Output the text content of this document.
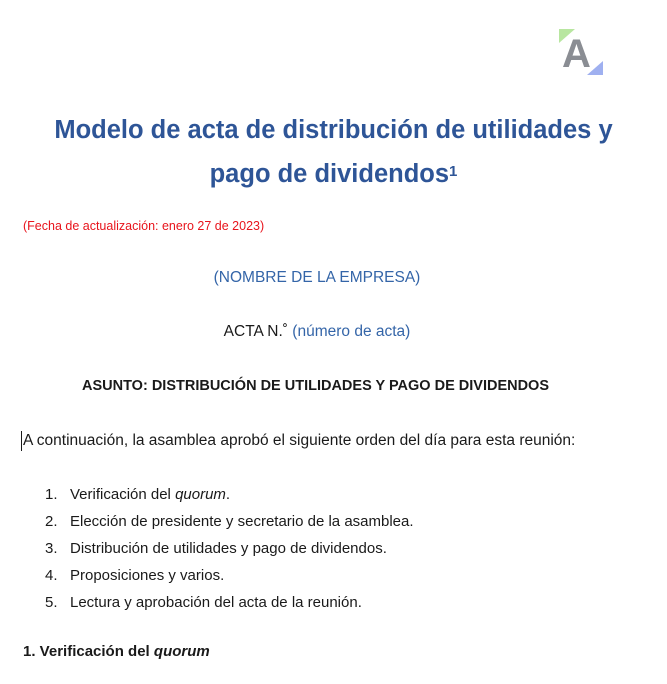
A
Modelo de acta de distribución de utilidades y
pago de dividendos$^1$
(Fecha de actualización: enero 27 de 2023)
(NOMBRE DE LA EMPRESA)
ACTA N.˚ (número de acta)
ASUNTO: DISTRIBUCIÓN DE UTILIDADES Y PAGO DE DIVIDENDOS
A continuación, la asamblea aprobó el siguiente orden del día para esta reunión:
1. Verificación del quorum.
2. Elección de presidente y secretario de la asamblea.
3. Distribución de utilidades y pago de dividendos.
4. Proposiciones y varios.
5. Lectura y aprobación del acta de la reunión.
1. Verificación del quorum
